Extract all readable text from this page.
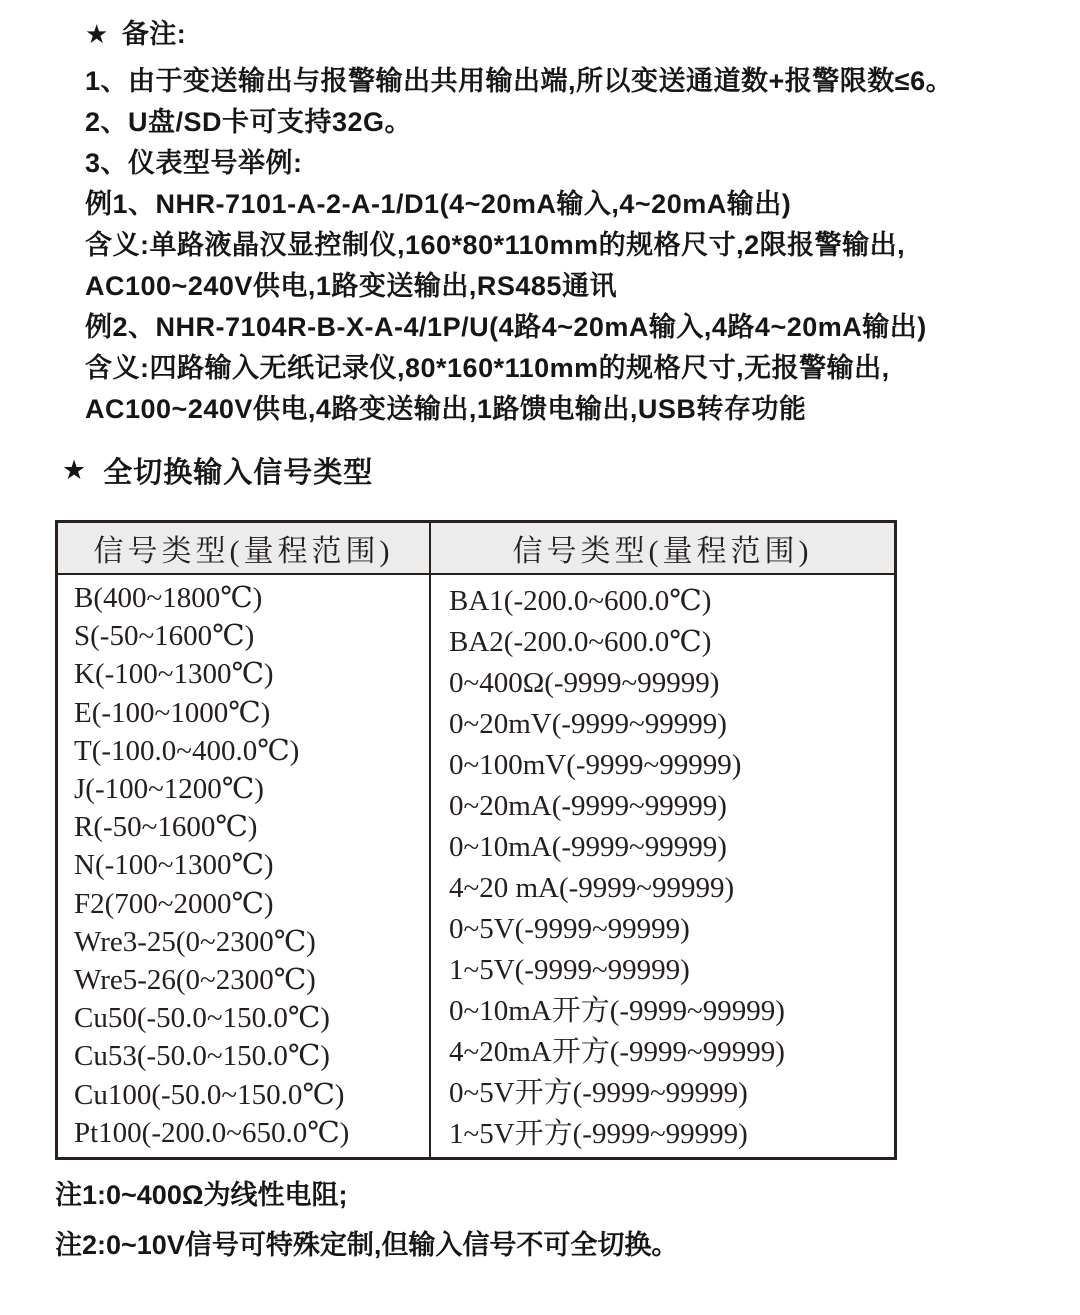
★ 备注:
1、由于变送输出与报警输出共用输出端,所以变送通道数+报警限数≤6。
2、U盘/SD卡可支持32G。
3、仪表型号举例:
例1、NHR-7101-A-2-A-1/D1(4~20mA输入,4~20mA输出)
含义:单路液晶汉显控制仪,160*80*110mm的规格尺寸,2限报警输出,
AC100~240V供电,1路变送输出,RS485通讯
例2、NHR-7104R-B-X-A-4/1P/U(4路4~20mA输入,4路4~20mA输出)
含义:四路输入无纸记录仪,80*160*110mm的规格尺寸,无报警输出,
AC100~240V供电,4路变送输出,1路馈电输出,USB转存功能
★ 全切换输入信号类型
信号类型(量程范围)	信号类型(量程范围)
B(400~1800℃)
S(-50~1600℃)
K(-100~1300℃)
E(-100~1000℃)
T(-100.0~400.0℃)
J(-100~1200℃)
R(-50~1600℃)
N(-100~1300℃)
F2(700~2000℃)
Wre3-25(0~2300℃)
Wre5-26(0~2300℃)
Cu50(-50.0~150.0℃)
Cu53(-50.0~150.0℃)
Cu100(-50.0~150.0℃)
Pt100(-200.0~650.0℃)
BA1(-200.0~600.0℃)
BA2(-200.0~600.0℃)
0~400Ω(-9999~99999)
0~20mV(-9999~99999)
0~100mV(-9999~99999)
0~20mA(-9999~99999)
0~10mA(-9999~99999)
4~20 mA(-9999~99999)
0~5V(-9999~99999)
1~5V(-9999~99999)
0~10mA开方(-9999~99999)
4~20mA开方(-9999~99999)
0~5V开方(-9999~99999)
1~5V开方(-9999~99999)
注1:0~400Ω为线性电阻;
注2:0~10V信号可特殊定制,但输入信号不可全切换。
